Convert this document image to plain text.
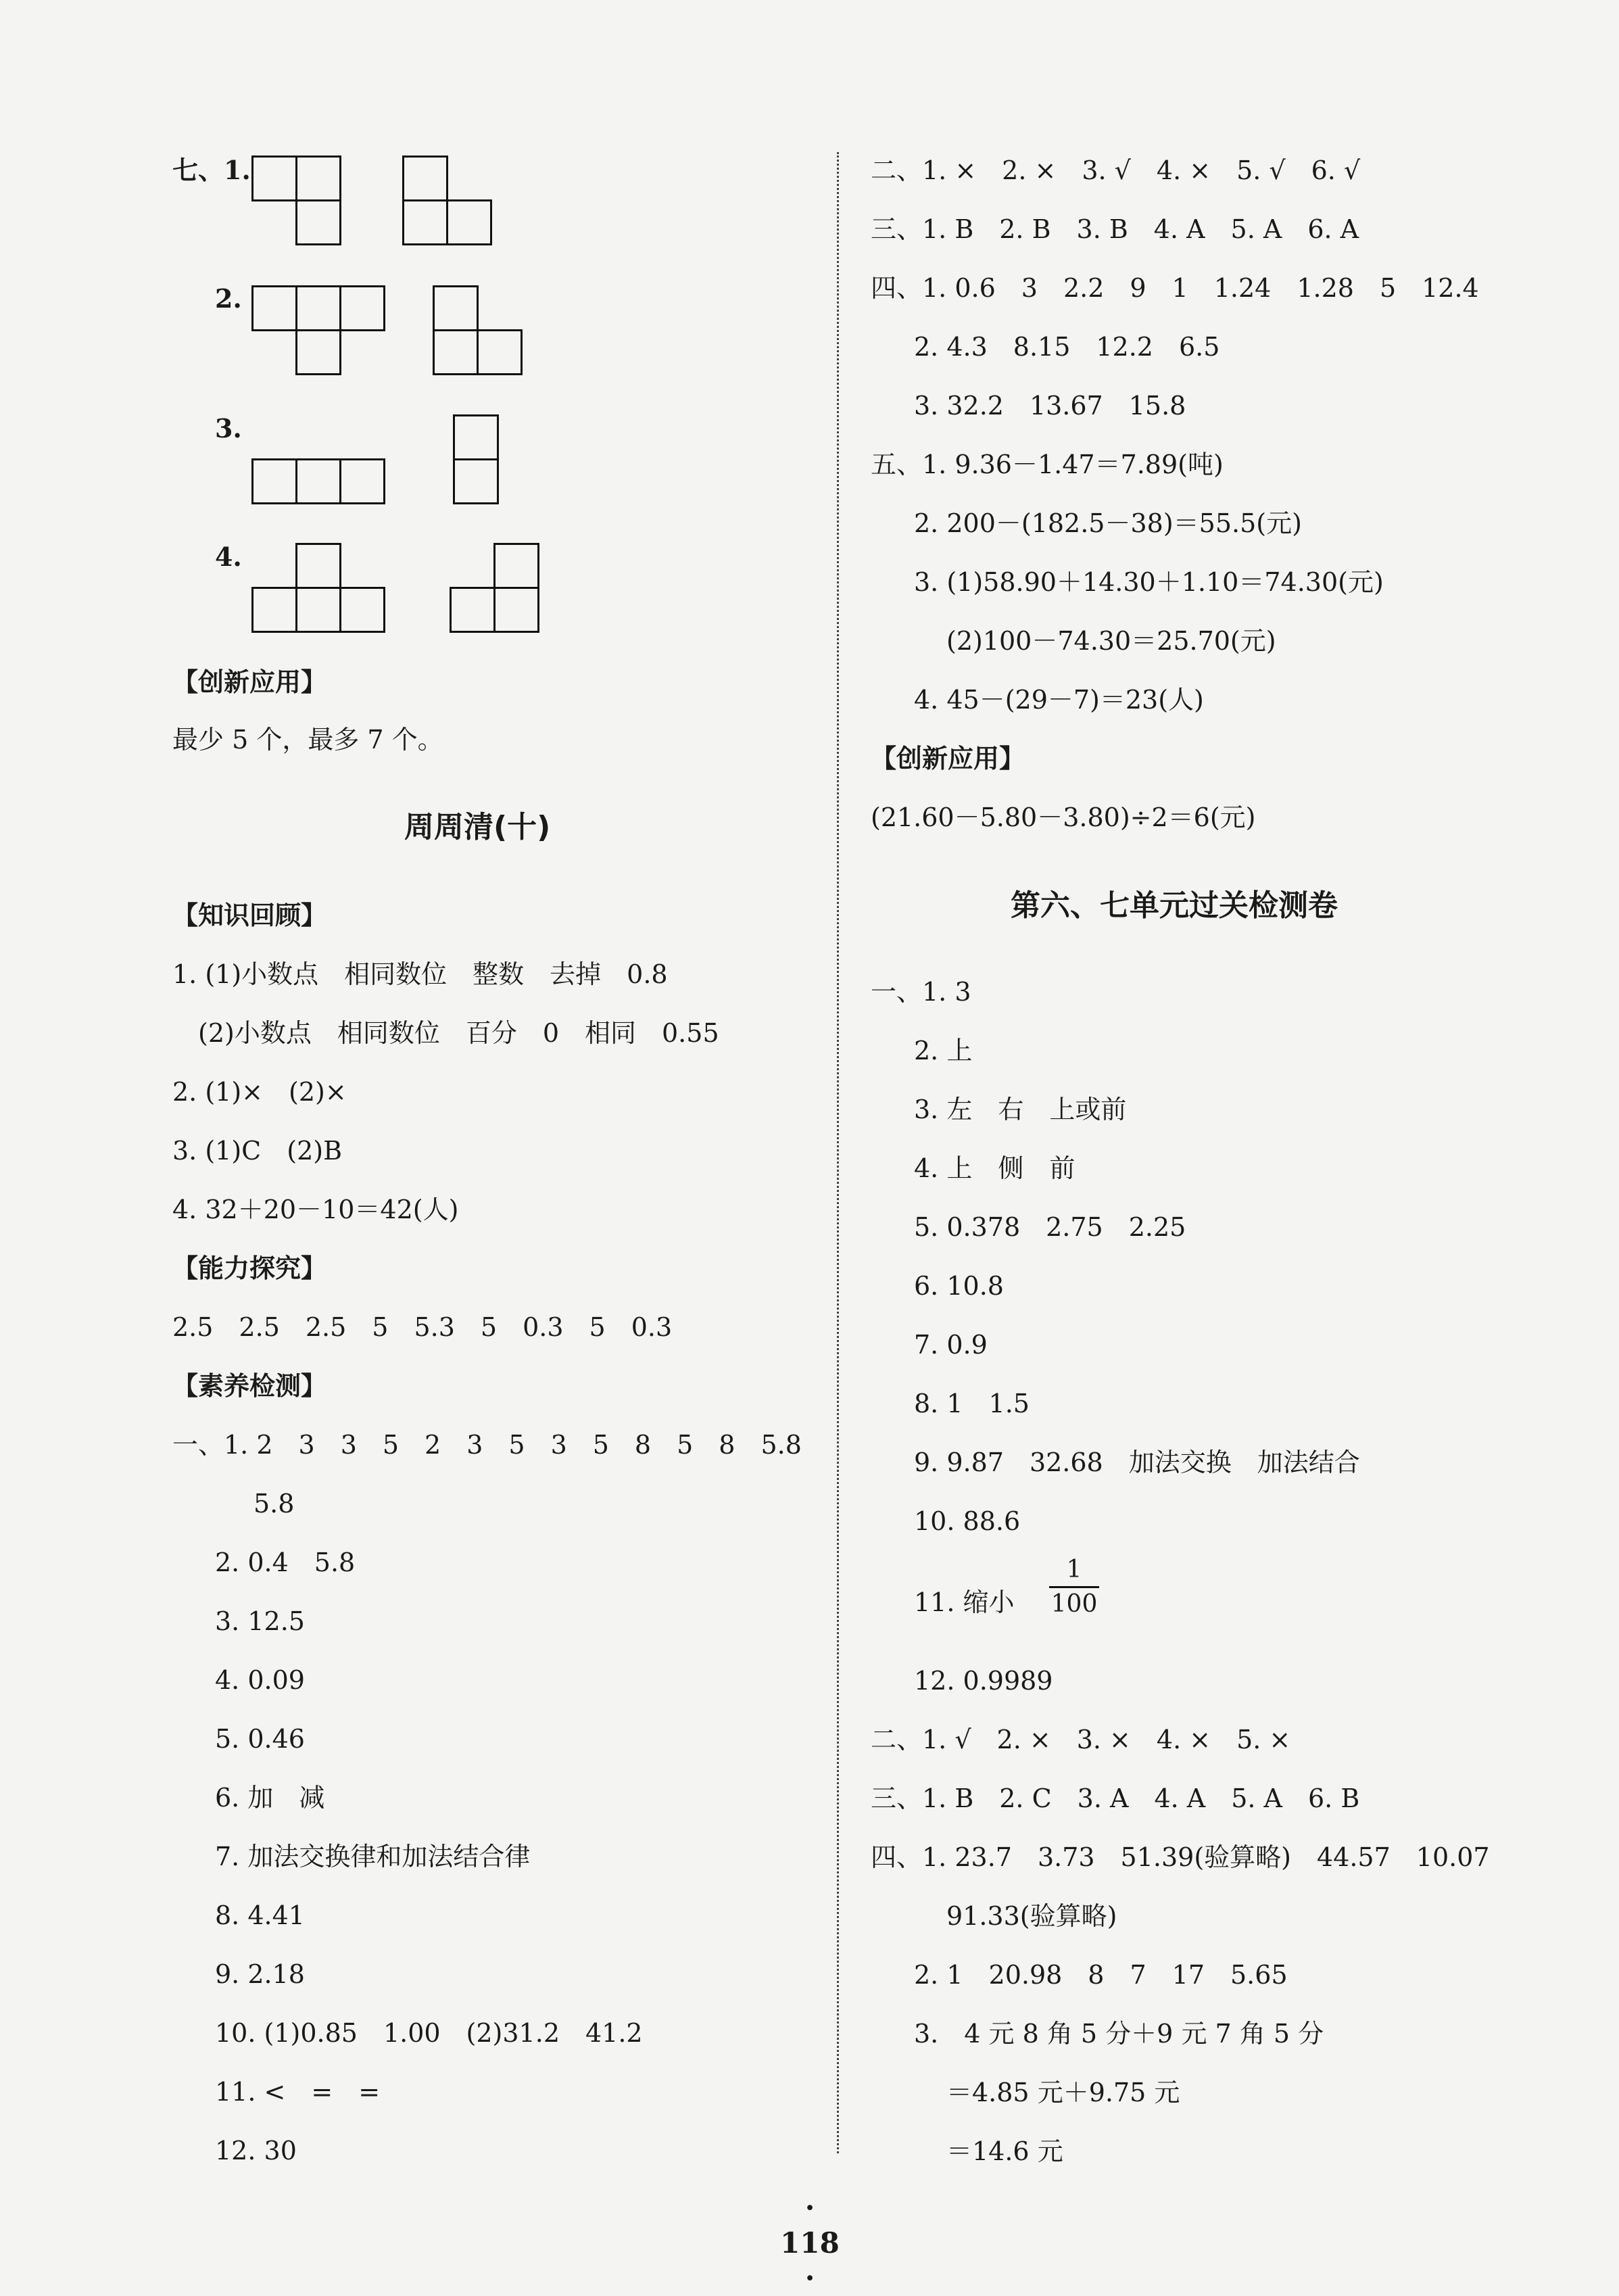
七、1.
2.
3.
4.
【创新应用】
最少 5 个，最多 7 个。
周周清(十)
【知识回顾】
1. (1)小数点　相同数位　整数　去掉　0.8
　(2)小数点　相同数位　百分　0　相同　0.55
2. (1)×　(2)×
3. (1)C　(2)B
4. 32＋20－10＝42(人)
【能力探究】
2.5　2.5　2.5　5　5.3　5　0.3　5　0.3
【素养检测】
一、1. 2　3　3　5　2　3　5　3　5　8　5　8　5.8
5.8
2. 0.4　5.8
3. 12.5
4. 0.09
5. 0.46
6. 加　减
7. 加法交换律和加法结合律
8. 4.41
9. 2.18
10. (1)0.85　1.00　(2)31.2　41.2
11. <　=　=
12. 30
二、1. ×　2. ×　3. √　4. ×　5. √　6. √
三、1. B　2. B　3. B　4. A　5. A　6. A
四、1. 0.6　3　2.2　9　1　1.24　1.28　5　12.4
2. 4.3　8.15　12.2　6.5
3. 32.2　13.67　15.8
五、1. 9.36－1.47＝7.89(吨)
2. 200－(182.5－38)＝55.5(元)
3. (1)58.90＋14.30＋1.10＝74.30(元)
(2)100－74.30＝25.70(元)
4. 45－(29－7)＝23(人)
【创新应用】
(21.60－5.80－3.80)÷2＝6(元)
第六、七单元过关检测卷
一、1. 3
2. 上
3. 左　右　上或前
4. 上　侧　前
5. 0.378　2.75　2.25
6. 10.8
7. 0.9
8. 1　1.5
9. 9.87　32.68　加法交换　加法结合
10. 88.6
11. 缩小
1
100
12. 0.9989
二、1. √　2. ×　3. ×　4. ×　5. ×
三、1. B　2. C　3. A　4. A　5. A　6. B
四、1. 23.7　3.73　51.39(验算略)　44.57　10.07
91.33(验算略)
2. 1　20.98　8　7　17　5.65
3.　4 元 8 角 5 分＋9 元 7 角 5 分
＝4.85 元＋9.75 元
＝14.6 元
· 118 ·
